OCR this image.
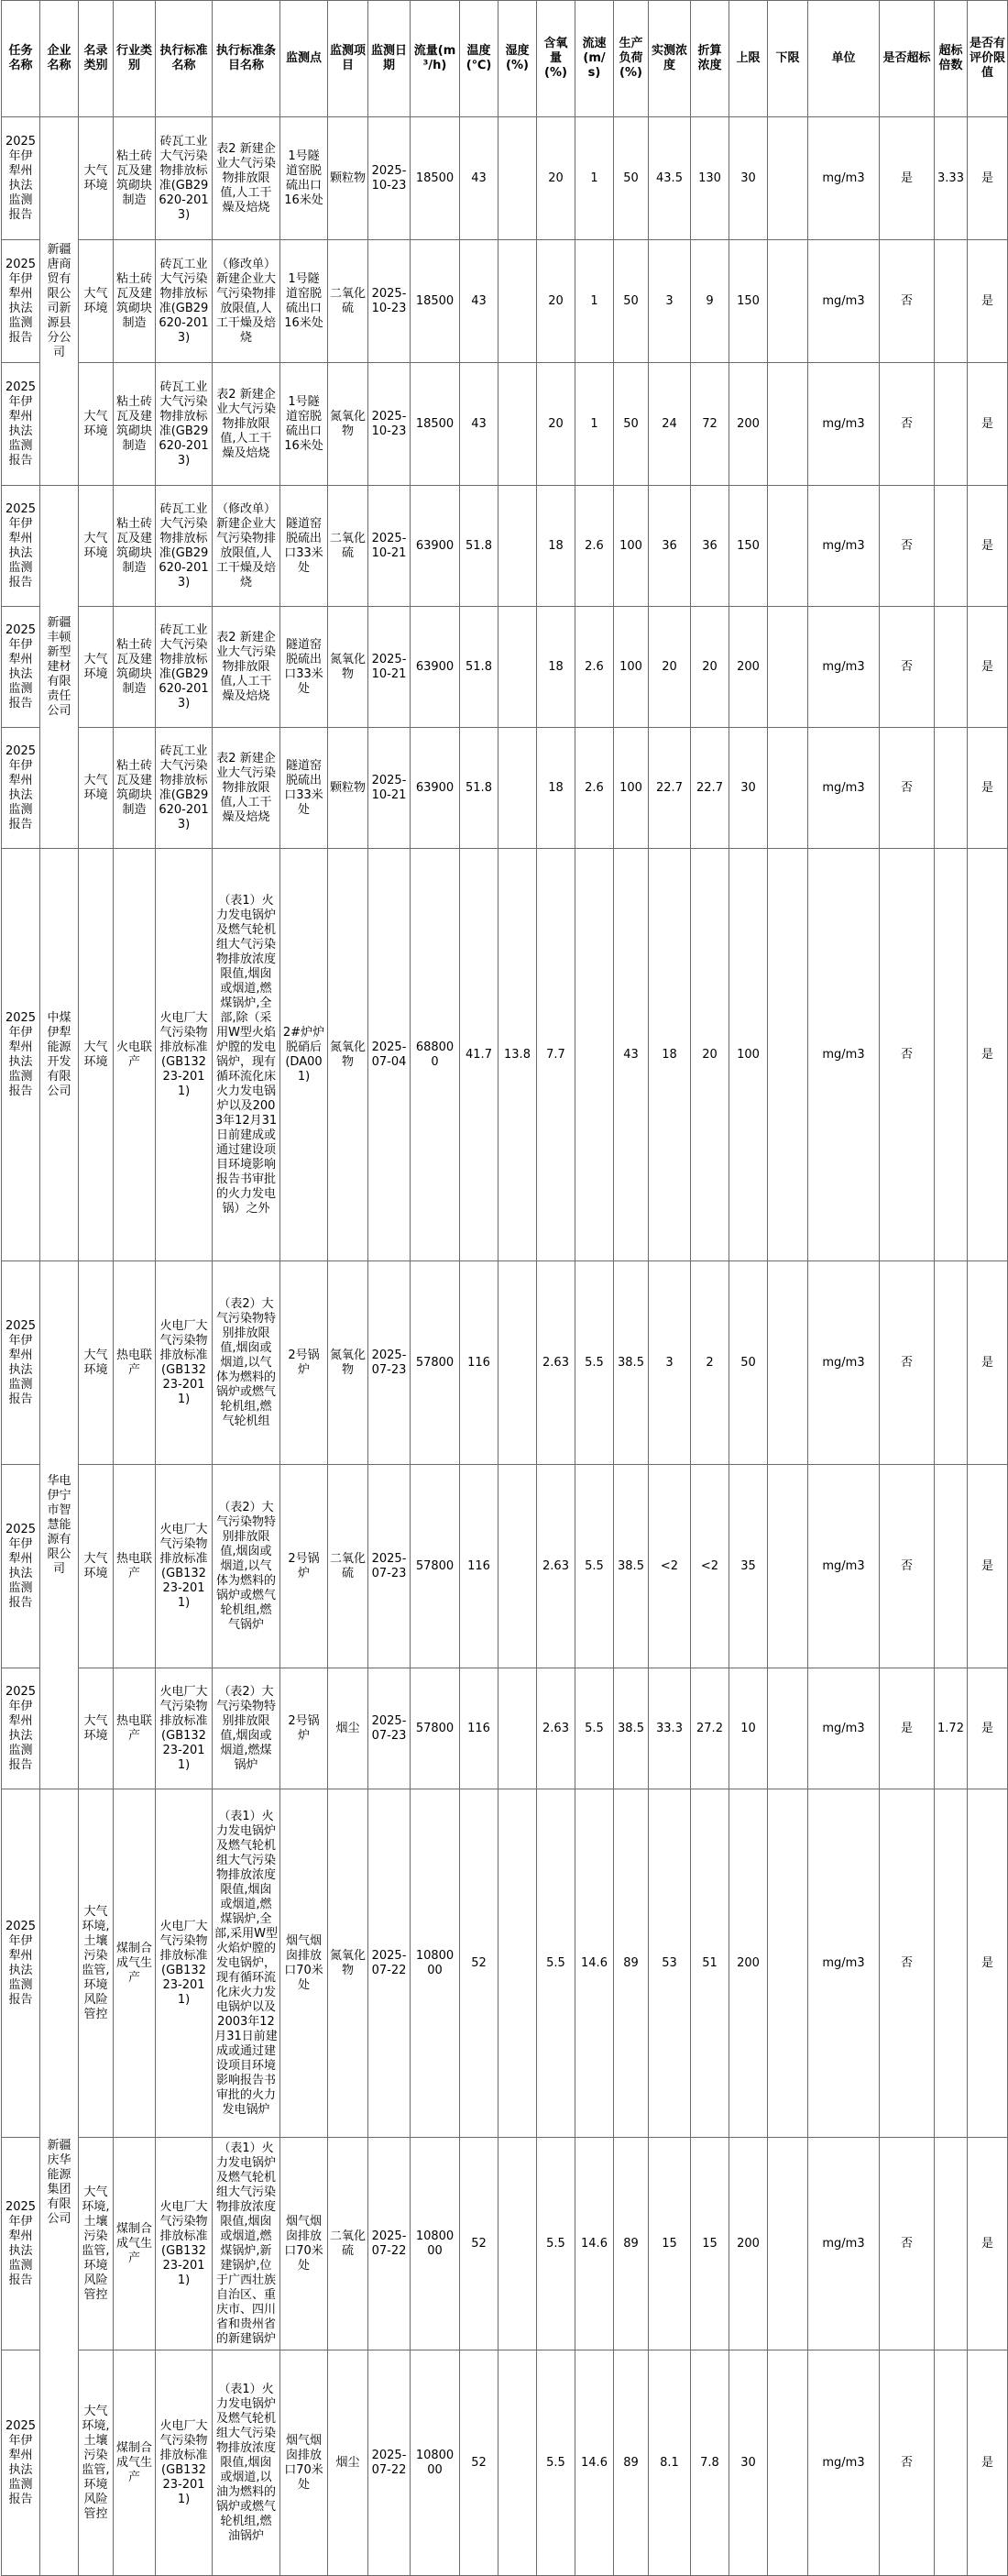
任务名称	企业名称	名录类别	行业类别	执行标准名称	执行标准条目名称	监测点	监测项目	监测日期	流量(m³/h)	温度(℃)	湿度(%)	含氧量(%)	流速(m/s)	生产负荷(%)	实测浓度	折算浓度	上限	下限	单位	是否超标	超标倍数	是否有评价限值
2025年伊犁州执法监测报告	新疆唐商贸有限公司新源县分公司	大气环境	粘土砖瓦及建筑砌块制造	砖瓦工业大气污染物排放标准(GB29620-2013)	表2 新建企业大气污染物排放限值,人工干燥及焙烧	1号隧道窑脱硫出口16米处	颗粒物	2025-10-23	18500	43		20	1	50	43.5	130	30		mg/m3	是	3.33	是
2025年伊犁州执法监测报告		大气环境	粘土砖瓦及建筑砌块制造	砖瓦工业大气污染物排放标准(GB29620-2013)	（修改单）新建企业大气污染物排放限值,人工干燥及焙烧	1号隧道窑脱硫出口16米处	二氧化硫	2025-10-23	18500	43		20	1	50	3	9	150		mg/m3	否		是
2025年伊犁州执法监测报告		大气环境	粘土砖瓦及建筑砌块制造	砖瓦工业大气污染物排放标准(GB29620-2013)	表2 新建企业大气污染物排放限值,人工干燥及焙烧	1号隧道窑脱硫出口16米处	氮氧化物	2025-10-23	18500	43		20	1	50	24	72	200		mg/m3	否		是
2025年伊犁州执法监测报告	新疆丰顿新型建材有限责任公司	大气环境	粘土砖瓦及建筑砌块制造	砖瓦工业大气污染物排放标准(GB29620-2013)	（修改单）新建企业大气污染物排放限值,人工干燥及焙烧	隧道窑脱硫出口33米处	二氧化硫	2025-10-21	63900	51.8		18	2.6	100	36	36	150		mg/m3	否		是
2025年伊犁州执法监测报告		大气环境	粘土砖瓦及建筑砌块制造	砖瓦工业大气污染物排放标准(GB29620-2013)	表2 新建企业大气污染物排放限值,人工干燥及焙烧	隧道窑脱硫出口33米处	氮氧化物	2025-10-21	63900	51.8		18	2.6	100	20	20	200		mg/m3	否		是
2025年伊犁州执法监测报告		大气环境	粘土砖瓦及建筑砌块制造	砖瓦工业大气污染物排放标准(GB29620-2013)	表2 新建企业大气污染物排放限值,人工干燥及焙烧	隧道窑脱硫出口33米处	颗粒物	2025-10-21	63900	51.8		18	2.6	100	22.7	22.7	30		mg/m3	否		是
2025年伊犁州执法监测报告	中煤伊犁能源开发有限公司	大气环境	火电联产	火电厂大气污染物排放标准(GB13223-2011)	（表1）火力发电锅炉及燃气轮机组大气污染物排放浓度限值,烟囱或烟道,燃煤锅炉,全部,除（采用W型火焰炉膛的发电锅炉，现有循环流化床火力发电锅炉以及2003年12月31日前建成或通过建设项目环境影响报告书审批的火力发电锅）之外	2#炉炉脱硝后(DA001)	氮氧化物	2025-07-04	688000	41.7	13.8	7.7		43	18	20	100		mg/m3	否		是
2025年伊犁州执法监测报告	华电伊宁市智慧能源有限公司	大气环境	热电联产	火电厂大气污染物排放标准(GB13223-2011)	（表2）大气污染物特别排放限值,烟囱或烟道,以气体为燃料的锅炉或燃气轮机组,燃气轮机组	2号锅炉	氮氧化物	2025-07-23	57800	116		2.63	5.5	38.5	3	2	50		mg/m3	否		是
2025年伊犁州执法监测报告		大气环境	热电联产	火电厂大气污染物排放标准(GB13223-2011)	（表2）大气污染物特别排放限值,烟囱或烟道,以气体为燃料的锅炉或燃气轮机组,燃气锅炉	2号锅炉	二氧化硫	2025-07-23	57800	116		2.63	5.5	38.5	<2	<2	35		mg/m3	否		是
2025年伊犁州执法监测报告		大气环境	热电联产	火电厂大气污染物排放标准(GB13223-2011)	（表2）大气污染物特别排放限值,烟囱或烟道,燃煤锅炉	2号锅炉	烟尘	2025-07-23	57800	116		2.63	5.5	38.5	33.3	27.2	10		mg/m3	是	1.72	是
2025年伊犁州执法监测报告	新疆庆华能源集团有限公司	大气环境,土壤污染监管,环境风险管控	煤制合成气生产	火电厂大气污染物排放标准(GB13223-2011)	（表1）火力发电锅炉及燃气轮机组大气污染物排放浓度限值,烟囱或烟道,燃煤锅炉,全部,采用W型火焰炉膛的发电锅炉，现有循环流化床火力发电锅炉以及2003年12月31日前建成或通过建设项目环境影响报告书审批的火力发电锅炉	烟气烟囱排放口70米处	氮氧化物	2025-07-22	1080000	52		5.5	14.6	89	53	51	200		mg/m3	否		是
2025年伊犁州执法监测报告		大气环境,土壤污染监管,环境风险管控	煤制合成气生产	火电厂大气污染物排放标准(GB13223-2011)	（表1）火力发电锅炉及燃气轮机组大气污染物排放浓度限值,烟囱或烟道,燃煤锅炉,新建锅炉,位于广西壮族自治区、重庆市、四川省和贵州省的新建锅炉	烟气烟囱排放口70米处	二氧化硫	2025-07-22	1080000	52		5.5	14.6	89	15	15	200		mg/m3	否		是
2025年伊犁州执法监测报告		大气环境,土壤污染监管,环境风险管控	煤制合成气生产	火电厂大气污染物排放标准(GB13223-2011)	（表1）火力发电锅炉及燃气轮机组大气污染物排放浓度限值,烟囱或烟道,以油为燃料的锅炉或燃气轮机组,燃油锅炉	烟气烟囱排放口70米处	烟尘	2025-07-22	1080000	52		5.5	14.6	89	8.1	7.8	30		mg/m3	否		是
